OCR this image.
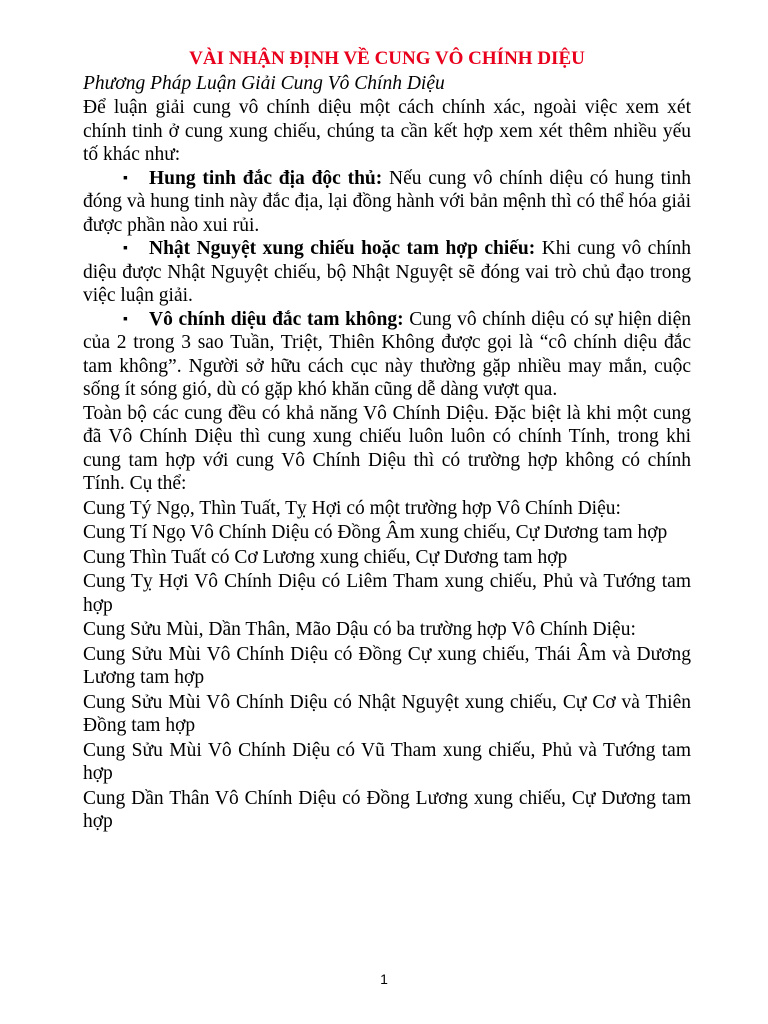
VÀI NHẬN ĐỊNH VỀ CUNG VÔ CHÍNH DIỆU

Phương Pháp Luận Giải Cung Vô Chính Diệu

Để luận giải cung vô chính diệu một cách chính xác, ngoài việc xem xét chính tinh ở cung xung chiếu, chúng ta cần kết hợp xem xét thêm nhiều yếu tố khác như:

▪ Hung tinh đắc địa độc thủ: Nếu cung vô chính diệu có hung tinh đóng và hung tinh này đắc địa, lại đồng hành với bản mệnh thì có thể hóa giải được phần nào xui rủi.

▪ Nhật Nguyệt xung chiếu hoặc tam hợp chiếu: Khi cung vô chính diệu được Nhật Nguyệt chiếu, bộ Nhật Nguyệt sẽ đóng vai trò chủ đạo trong việc luận giải.

▪ Vô chính diệu đắc tam không: Cung vô chính diệu có sự hiện diện của 2 trong 3 sao Tuần, Triệt, Thiên Không được gọi là “cô chính diệu đắc tam không”. Người sở hữu cách cục này thường gặp nhiều may mắn, cuộc sống ít sóng gió, dù có gặp khó khăn cũng dễ dàng vượt qua.

Toàn bộ các cung đều có khả năng Vô Chính Diệu. Đặc biệt là khi một cung đã Vô Chính Diệu thì cung xung chiếu luôn luôn có chính Tính, trong khi cung tam hợp với cung Vô Chính Diệu thì có trường hợp không có chính Tính. Cụ thể:

Cung Tý Ngọ, Thìn Tuất, Tỵ Hợi có một trường hợp Vô Chính Diệu:

Cung Tí Ngọ Vô Chính Diệu có Đồng Âm xung chiếu, Cự Dương tam hợp

Cung Thìn Tuất có Cơ Lương xung chiếu, Cự Dương tam hợp

Cung Tỵ Hợi Vô Chính Diệu có Liêm Tham xung chiếu, Phủ và Tướng tam hợp

Cung Sửu Mùi, Dần Thân, Mão Dậu có ba trường hợp Vô Chính Diệu:

Cung Sửu Mùi Vô Chính Diệu có Đồng Cự xung chiếu, Thái Âm và Dương Lương tam hợp

Cung Sửu Mùi Vô Chính Diệu có Nhật Nguyệt xung chiếu, Cự Cơ và Thiên Đồng tam hợp

Cung Sửu Mùi Vô Chính Diệu có Vũ Tham xung chiếu, Phủ và Tướng tam hợp

Cung Dần Thân Vô Chính Diệu có Đồng Lương xung chiếu, Cự Dương tam hợp

1
